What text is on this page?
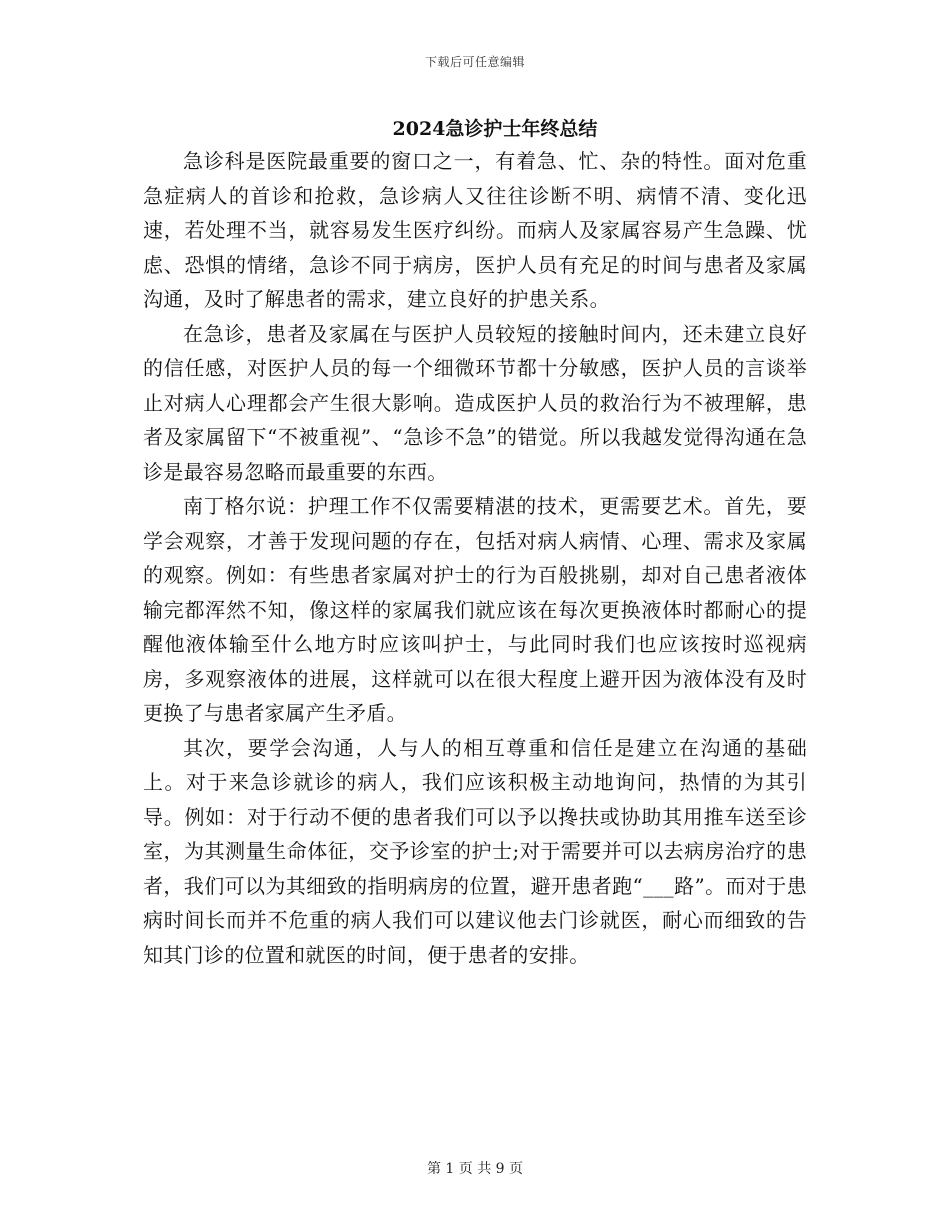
下载后可任意编辑
2024急诊护士年终总结

急诊科是医院最重要的窗口之一，有着急、忙、杂的特性。面对危重急症病人的首诊和抢救，急诊病人又往往诊断不明、病情不清、变化迅速，若处理不当，就容易发生医疗纠纷。而病人及家属容易产生急躁、忧虑、恐惧的情绪，急诊不同于病房，医护人员有充足的时间与患者及家属沟通，及时了解患者的需求，建立良好的护患关系。

在急诊，患者及家属在与医护人员较短的接触时间内，还未建立良好的信任感，对医护人员的每一个细微环节都十分敏感，医护人员的言谈举止对病人心理都会产生很大影响。造成医护人员的救治行为不被理解，患者及家属留下“不被重视”、“急诊不急”的错觉。所以我越发觉得沟通在急诊是最容易忽略而最重要的东西。

南丁格尔说：护理工作不仅需要精湛的技术，更需要艺术。首先，要学会观察，才善于发现问题的存在，包括对病人病情、心理、需求及家属的观察。例如：有些患者家属对护士的行为百般挑剔，却对自己患者液体输完都浑然不知，像这样的家属我们就应该在每次更换液体时都耐心的提醒他液体输至什么地方时应该叫护士，与此同时我们也应该按时巡视病房，多观察液体的进展，这样就可以在很大程度上避开因为液体没有及时更换了与患者家属产生矛盾。

其次，要学会沟通，人与人的相互尊重和信任是建立在沟通的基础上。对于来急诊就诊的病人，我们应该积极主动地询问，热情的为其引导。例如：对于行动不便的患者我们可以予以搀扶或协助其用推车送至诊室，为其测量生命体征，交予诊室的护士;对于需要并可以去病房治疗的患者，我们可以为其细致的指明病房的位置，避开患者跑“___路”。而对于患病时间长而并不危重的病人我们可以建议他去门诊就医，耐心而细致的告知其门诊的位置和就医的时间，便于患者的安排。

第 1 页 共 9 页
